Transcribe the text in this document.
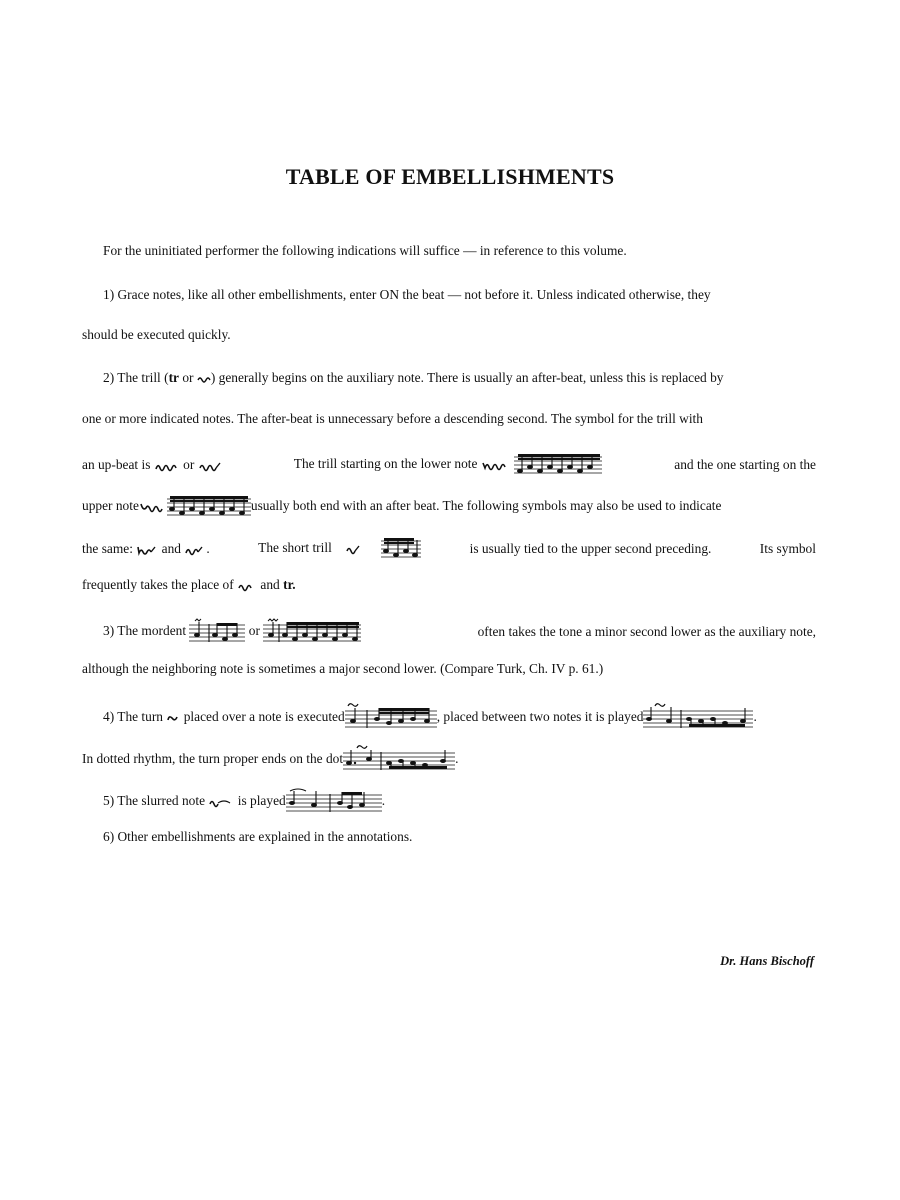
TABLE OF EMBELLISHMENTS
For the uninitiated performer the following indications will suffice — in reference to this volume.
1) Grace notes, like all other embellishments, enter ON the beat — not before it. Unless indicated otherwise, they
should be executed quickly.
2) The trill (tr or ) generally begins on the auxiliary note. There is usually an after-beat, unless this is replaced by
one or more indicated notes. The after-beat is unnecessary before a descending second. The symbol for the trill with
an up-beat is or	The trill starting on the lower note	and the one starting on the
upper note	usually both end with an after beat. The following symbols may also be used to indicate
the same: and .	The short trill	is usually tied to the upper second preceding.	Its symbol
frequently takes the place of and tr.
3) The mordent	or	often takes the tone a minor second lower as the auxiliary note,
although the neighboring note is sometimes a major second lower. (Compare Turk, Ch. IV p. 61.)
4) The turn placed over a note is executed	, placed between two notes it is played	.
In dotted rhythm, the turn proper ends on the dot	.
5) The slurred note is played	.
6) Other embellishments are explained in the annotations.
Dr. Hans Bischoff
